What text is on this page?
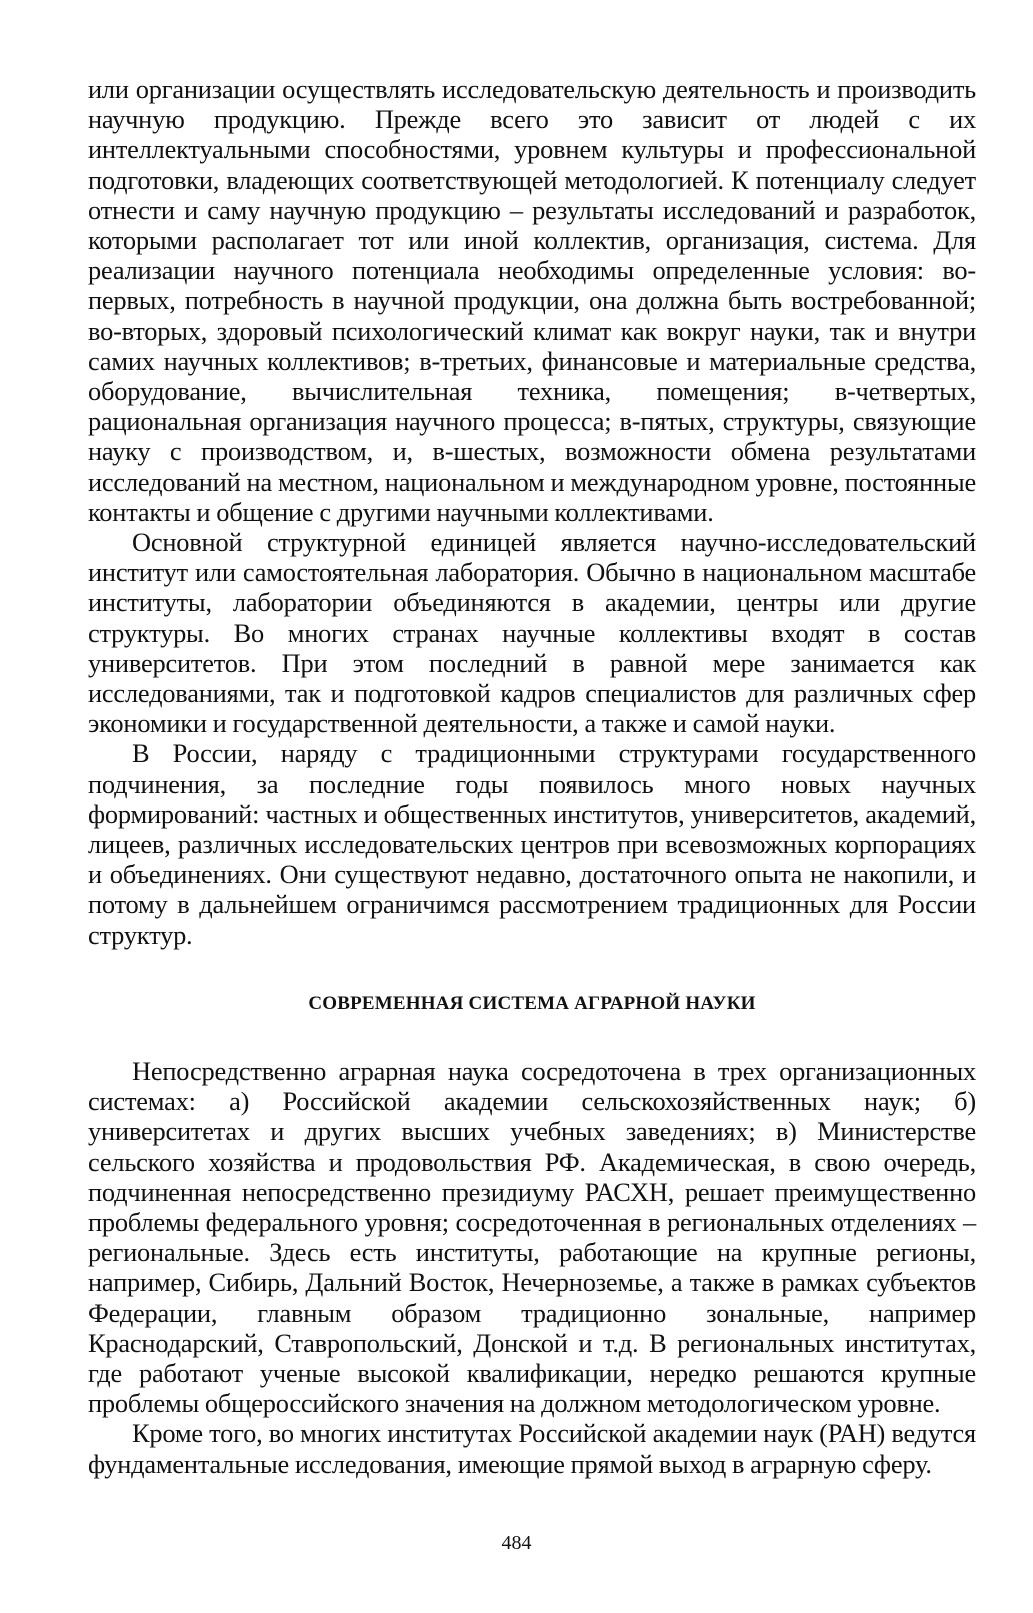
или организации осуществлять исследовательскую деятельность и производить научную продукцию. Прежде всего это зависит от людей с их интеллектуальными способностями, уровнем культуры и профессиональной подготовки, владеющих соответствующей методологией. К потенциалу следует отнести и саму научную продукцию – результаты исследований и разработок, которыми располагает тот или иной коллектив, организация, система. Для реализации научного потенциала необходимы определенные условия: во-первых, потребность в научной продукции, она должна быть востребованной; во-вторых, здоровый психологический климат как вокруг науки, так и внутри самих научных коллективов; в-третьих, финансовые и материальные средства, оборудование, вычислительная техника, помещения; в-четвертых, рациональная организация научного процесса; в-пятых, структуры, связующие науку с производством, и, в-шестых, возможности обмена результатами исследований на местном, национальном и международном уровне, постоянные контакты и общение с другими научными коллективами.

Основной структурной единицей является научно-исследовательский институт или самостоятельная лаборатория. Обычно в национальном масштабе институты, лаборатории объединяются в академии, центры или другие структуры. Во многих странах научные коллективы входят в состав университетов. При этом последний в равной мере занимается как исследованиями, так и подготовкой кадров специалистов для различных сфер экономики и государственной деятельности, а также и самой науки.

В России, наряду с традиционными структурами государственного подчинения, за последние годы появилось много новых научных формирований: частных и общественных институтов, университетов, академий, лицеев, различных исследовательских центров при всевозможных корпорациях и объединениях. Они существуют недавно, достаточного опыта не накопили, и потому в дальнейшем ограничимся рассмотрением традиционных для России структур.

СОВРЕМЕННАЯ СИСТЕМА АГРАРНОЙ НАУКИ

Непосредственно аграрная наука сосредоточена в трех организационных системах: а) Российской академии сельскохозяйственных наук; б) университетах и других высших учебных заведениях; в) Министерстве сельского хозяйства и продовольствия РФ. Академическая, в свою очередь, подчиненная непосредственно президиуму РАСХН, решает преимущественно проблемы федерального уровня; сосредоточенная в региональных отделениях – региональные. Здесь есть институты, работающие на крупные регионы, например, Сибирь, Дальний Восток, Нечерноземье, а также в рамках субъектов Федерации, главным образом традиционно зональные, например Краснодарский, Ставропольский, Донской и т.д. В региональных институтах, где работают ученые высокой квалификации, нередко решаются крупные проблемы общероссийского значения на должном методологическом уровне.

Кроме того, во многих институтах Российской академии наук (РАН) ведутся фундаментальные исследования, имеющие прямой выход в аграрную сферу.

484
